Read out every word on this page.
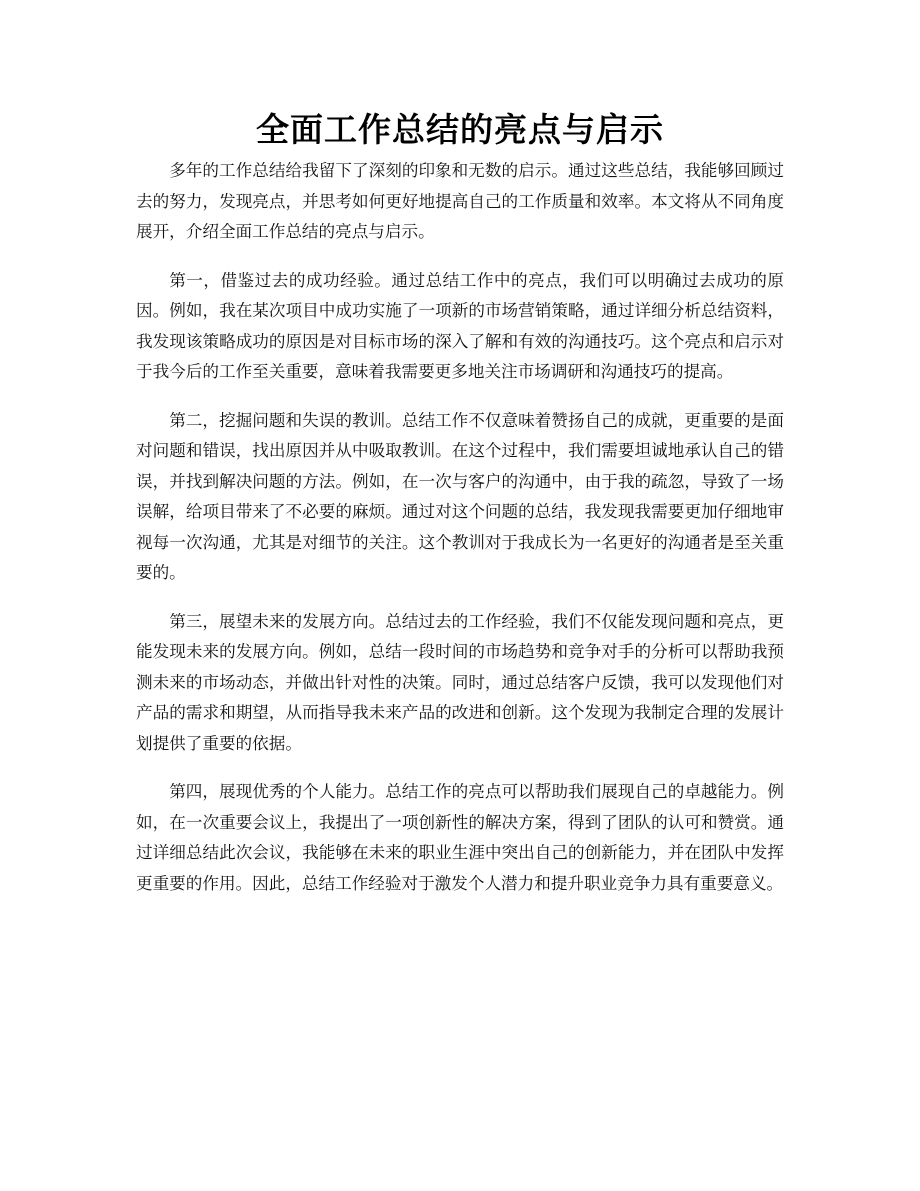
全面工作总结的亮点与启示

多年的工作总结给我留下了深刻的印象和无数的启示。通过这些总结，我能够回顾过去的努力，发现亮点，并思考如何更好地提高自己的工作质量和效率。本文将从不同角度展开，介绍全面工作总结的亮点与启示。

第一，借鉴过去的成功经验。通过总结工作中的亮点，我们可以明确过去成功的原因。例如，我在某次项目中成功实施了一项新的市场营销策略，通过详细分析总结资料，我发现该策略成功的原因是对目标市场的深入了解和有效的沟通技巧。这个亮点和启示对于我今后的工作至关重要，意味着我需要更多地关注市场调研和沟通技巧的提高。

第二，挖掘问题和失误的教训。总结工作不仅意味着赞扬自己的成就，更重要的是面对问题和错误，找出原因并从中吸取教训。在这个过程中，我们需要坦诚地承认自己的错误，并找到解决问题的方法。例如，在一次与客户的沟通中，由于我的疏忽，导致了一场误解，给项目带来了不必要的麻烦。通过对这个问题的总结，我发现我需要更加仔细地审视每一次沟通，尤其是对细节的关注。这个教训对于我成长为一名更好的沟通者是至关重要的。

第三，展望未来的发展方向。总结过去的工作经验，我们不仅能发现问题和亮点，更能发现未来的发展方向。例如，总结一段时间的市场趋势和竞争对手的分析可以帮助我预测未来的市场动态，并做出针对性的决策。同时，通过总结客户反馈，我可以发现他们对产品的需求和期望，从而指导我未来产品的改进和创新。这个发现为我制定合理的发展计划提供了重要的依据。

第四，展现优秀的个人能力。总结工作的亮点可以帮助我们展现自己的卓越能力。例如，在一次重要会议上，我提出了一项创新性的解决方案，得到了团队的认可和赞赏。通过详细总结此次会议，我能够在未来的职业生涯中突出自己的创新能力，并在团队中发挥更重要的作用。因此，总结工作经验对于激发个人潜力和提升职业竞争力具有重要意义。
